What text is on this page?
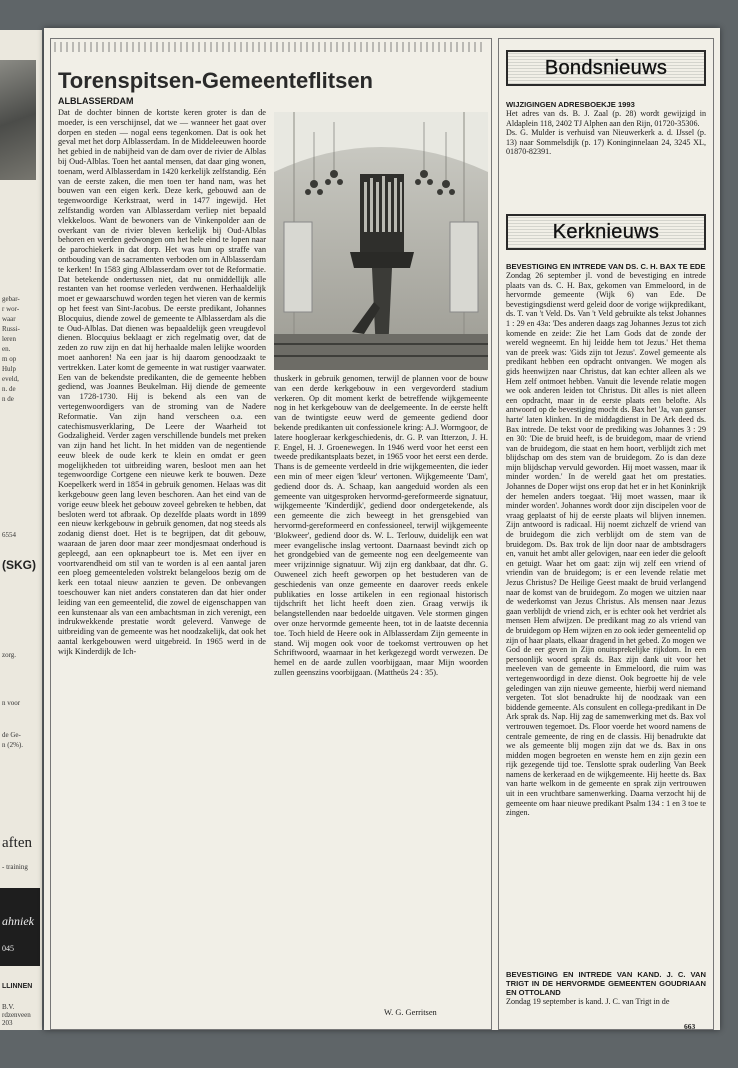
gebar-
r wor-
waar
Russi-
leren
en.
m op
Hulp
eveld,
n. de
n de
6554
(SKG)
zorg.
n voor
de Ge-
n (2%).
aften
- training
ahniek
045
LLINNEN
B.V.
rdzenveen
203
Torenspitsen-Gemeenteflitsen
ALBLASSERDAM

Dat de dochter binnen de kortste keren groter is dan de moeder, is een verschijnsel, dat we — wanneer het gaat over dorpen en steden — nogal eens tegenkomen. Dat is ook het geval met het dorp Alblasserdam. In de Middeleeuwen hoorde het gebied in de nabijheid van de dam over de rivier de Alblas bij Oud-Alblas. Toen het aantal mensen, dat daar ging wonen, toenam, werd Alblasserdam in 1420 kerkelijk zelfstandig. Eén van de eerste zaken, die men toen ter hand nam, was het bouwen van een eigen kerk. Deze kerk, gebouwd aan de tegenwoordige Kerkstraat, werd in 1477 ingewijd. Het zelfstandig worden van Alblasserdam verliep niet bepaald vlekkeloos. Want de bewoners van de Vinkenpolder aan de overkant van de rivier bleven kerkelijk bij Oud-Alblas behoren en werden gedwongen om het hele eind te lopen naar de parochiekerk in dat dorp. Het was hun op straffe van ontbouding van de sacramenten verboden om in Alblasserdam te kerken! In 1583 ging Alblasserdam over tot de Reformatie. Dat betekende ondertussen niet, dat nu onmiddellijk alle restanten van het roomse verleden verdwenen. Herhaaldelijk moet er gewaarschuwd worden tegen het vieren van de kermis op het feest van Sint-Jacobus. De eerste predikant, Johannes Blocquius, diende zowel de gemeente te Alblasserdam als die te Oud-Alblas. Dat dienen was bepaaldelijk geen vreugdevol dienen. Blocquius beklaagt er zich regelmatig over, dat de zeden zo ruw zijn en dat hij herhaalde malen lelijke woorden moet aanhoren! Na een jaar is hij daarom genoodzaakt te vertrekken. Later komt de gemeente in wat rustiger vaarwater. Een van de bekendste predikanten, die de gemeente hebben gediend, was Joannes Beukelman. Hij diende de gemeente van 1728-1730. Hij is bekend als een van de vertegenwoordigers van de stroming van de Nadere Reformatie. Van zijn hand verscheen o.a. een catechismusverklaring, De Leere der Waarheid tot Godzaligheid. Verder zagen verschillende bundels met preken van zijn hand het licht. In het midden van de negentiende eeuw bleek de oude kerk te klein en omdat er geen mogelijkheden tot uitbreiding waren, besloot men aan het tegenwoordige Cortgene een nieuwe kerk te bouwen. Deze Koepelkerk werd in 1854 in gebruik genomen. Helaas was dit kerkgebouw geen lang leven beschoren. Aan het eind van de vorige eeuw bleek het gebouw zoveel gebreken te hebben, dat besloten werd tot afbraak. Op dezelfde plaats wordt in 1899 een nieuw kerkgebouw in gebruik genomen, dat nog steeds als zodanig dienst doet. Het is te begrijpen, dat dit gebouw, waaraan de jaren door maar zeer mondjesmaat onderhoud is gepleegd, aan een opknapbeurt toe is. Met een ijver en voortvarendheid om stil van te worden is al een aantal jaren een ploeg gemeenteleden volstrekt belangeloos bezig om de kerk een totaal nieuw aanzien te geven. De onbevangen toeschouwer kan niet anders constateren dan dat hier onder leiding van een gemeentelid, die zowel de eigenschappen van een kunstenaar als van een ambachtsman in zich verenigt, een indrukwekkende prestatie wordt geleverd. Vanwege de uitbreiding van de gemeente was het noodzakelijk, dat ook het aantal kerkgebouwen werd uitgebreid. In 1965 werd in de wijk Kinderdijk de Ich-

thuskerk in gebruik genomen, terwijl de plannen voor de bouw van een derde kerkgebouw in een vergevorderd stadium verkeren. Op dit moment kerkt de betreffende wijkgemeente nog in het kerkgebouw van de deelgemeente. In de eerste helft van de twintigste eeuw werd de gemeente gediend door bekende predikanten uit confessionele kring: A.J. Wormgoor, de latere hoogleraar kerkgeschiedenis, dr. G. P. van Itterzon, J. H. F. Engel, H. J. Groenewegen. In 1946 werd voor het eerst een tweede predikantsplaats bezet, in 1965 voor het eerst een derde. Thans is de gemeente verdeeld in drie wijkgemeenten, die ieder een min of meer eigen 'kleur' vertonen. Wijkgemeente 'Dam', gediend door ds. A. Schaap, kan aangeduid worden als een gemeente van uitgesproken hervormd-gereformeerde signatuur, wijkgemeente 'Kinderdijk', gediend door ondergetekende, als een gemeente die zich beweegt in het grensgebied van hervormd-gereformeerd en confessioneel, terwijl wijkgemeente 'Blokweer', gediend door ds. W. L. Terlouw, duidelijk een wat meer evangelische inslag vertoont. Daarnaast bevindt zich op het grondgebied van de gemeente nog een deelgemeente van meer vrijzinnige signatuur. Wij zijn erg dankbaar, dat dhr. G. Ouweneel zich heeft geworpen op het bestuderen van de geschiedenis van onze gemeente en daarover reeds enkele publikaties en losse artikelen in een regionaal historisch tijdschrift het licht heeft doen zien. Graag verwijs ik belangstellenden naar bedoelde uitgaven. Vele stormen gingen over onze hervormde gemeente heen, tot in de laatste decennia toe. Toch hield de Heere ook in Alblasserdam Zijn gemeente in stand. Wij mogen ook voor de toekomst vertrouwen op het Schriftwoord, waarnaar in het kerkgezegd wordt verwezen. De hemel en de aarde zullen voorbijgaan, maar Mijn woorden zullen geenszins voorbijgaan. (Mattheüs 24 : 35).

W. G. Gerritsen
Bondsnieuws

WIJZIGINGEN ADRESBOEKJE 1993

Het adres van ds. B. J. Zaal (p. 28) wordt gewijzigd in Aldaplein 118, 2402 TJ Alphen aan den Rijn, 01720-35306.

Ds. G. Mulder is verhuisd van Nieuwerkerk a. d. IJssel (p. 13) naar Sommelsdijk (p. 17) Koninginnelaan 24, 3245 XL, 01870-82391.

Kerknieuws

BEVESTIGING EN INTREDE VAN DS. C. H. BAX TE EDE

Zondag 26 september jl. vond de bevestiging en intrede plaats van ds. C. H. Bax, gekomen van Emmeloord, in de hervormde gemeente (Wijk 6) van Ede. De bevestigingsdienst werd geleid door de vorige wijkpredikant, ds. T. van 't Veld. Ds. Van 't Veld gebruikte als tekst Johannes 1 : 29 en 43a: 'Des anderen daags zag Johannes Jezus tot zich komende en zeide: Zie het Lam Gods dat de zonde der wereld wegneemt. En hij leidde hem tot Jezus.' Het thema van de preek was: 'Gids zijn tot Jezus'. Zowel gemeente als predikant hebben een opdracht ontvangen. We mogen als gids heenwijzen naar Christus, dat kan echter alleen als we Hem zelf ontmoet hebben. Vanuit die levende relatie mogen we ook anderen leiden tot Christus. Dit alles is niet alleen een opdracht, maar in de eerste plaats een belofte. Als antwoord op de bevestiging mocht ds. Bax het 'Ja, van ganser harte' laten klinken. In de middagdienst in De Ark deed ds. Bax intrede. De tekst voor de prediking was Johannes 3 : 29 en 30: 'Die de bruid heeft, is de bruidegom, maar de vriend van de bruidegom, die staat en hem hoort, verblijdt zich met blijdschap om des stem van de bruidegom. Zo is dan deze mijn blijdschap vervuld geworden. Hij moet wassen, maar ik minder worden.' In de wereld gaat het om prestaties. Johannes de Doper wijst ons erop dat het er in het Koninkrijk der hemelen anders toegaat. 'Hij moet wassen, maar ik minder worden'. Johannes wordt door zijn discipelen voor de vraag geplaatst of hij de eerste plaats wil blijven innemen. Zijn antwoord is radicaal. Hij noemt zichzelf de vriend van de bruidegom die zich verblijdt om de stem van de bruidegom. Ds. Bax trok de lijn door naar de ambtsdragers en, vanuit het ambt aller gelovigen, naar een ieder die gelooft en getuigt. Waar het om gaat: zijn wij zelf een vriend of vriendin van de bruidegom; is er een levende relatie met Jezus Christus? De Heilige Geest maakt de bruid verlangend naar de komst van de bruidegom. Zo mogen we uitzien naar de wederkomst van Jezus Christus. Als mensen naar Jezus gaan verblijdt de vriend zich, er is echter ook het verdriet als mensen Hem afwijzen. De predikant mag zo als vriend van de bruidegom op Hem wijzen en zo ook ieder gemeentelid op zijn of haar plaats, elkaar dragend in het gebed. Zo mogen we God de eer geven in Zijn onuitsprekelijke rijkdom. In een persoonlijk woord sprak ds. Bax zijn dank uit voor het meeleven van de gemeente in Emmeloord, die ruim was vertegenwoordigd in deze dienst. Ook begroette hij de vele geledingen van zijn nieuwe gemeente, hierbij werd niemand vergeten. Tot slot benadrukte hij de noodzaak van een biddende gemeente. Als consulent en collega-predikant in De Ark sprak ds. Nap. Hij zag de samenwerking met ds. Bax vol vertrouwen tegemoet. Ds. Floor voerde het woord namens de centrale gemeente, de ring en de classis. Hij benadrukte dat we als gemeente blij mogen zijn dat we ds. Bax in ons midden mogen begroeten en wenste hem en zijn gezin een rijk gezegende tijd toe. Tenslotte sprak ouderling Van Beek namens de kerkeraad en de wijkgemeente. Hij heette ds. Bax van harte welkom in de gemeente en sprak zijn vertrouwen uit in een vruchtbare samenwerking. Daarna verzocht hij de gemeente om haar nieuwe predikant Psalm 134 : 1 en 3 toe te zingen.

BEVESTIGING EN INTREDE VAN KAND. J. C. VAN TRIGT IN DE HERVORMDE GEMEENTEN GOUDRIAAN EN OTTOLAND

Zondag 19 september is kand. J. C. van Trigt in de

663
